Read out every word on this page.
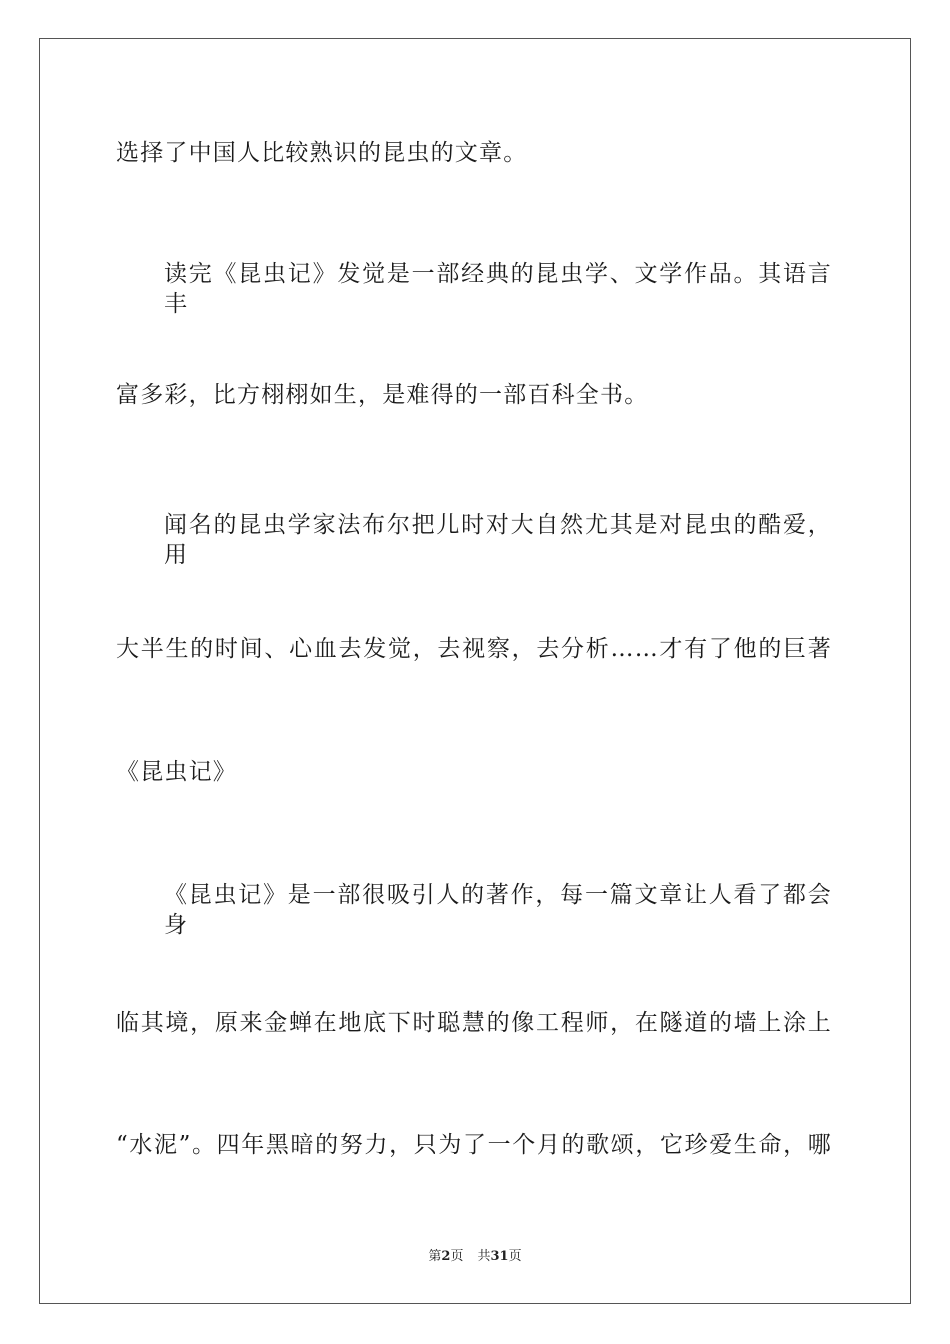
选择了中国人比较熟识的昆虫的文章。
读完《昆虫记》发觉是一部经典的昆虫学、文学作品。其语言丰
富多彩，比方栩栩如生，是难得的一部百科全书。
闻名的昆虫学家法布尔把儿时对大自然尤其是对昆虫的酷爱，用
大半生的时间、心血去发觉，去视察，去分析……才有了他的巨著
《昆虫记》
《昆虫记》是一部很吸引人的著作，每一篇文章让人看了都会身
临其境，原来金蝉在地底下时聪慧的像工程师，在隧道的墙上涂上
“水泥”。四年黑暗的努力，只为了一个月的歌颂，它珍爱生命，哪
第2页 共31页
